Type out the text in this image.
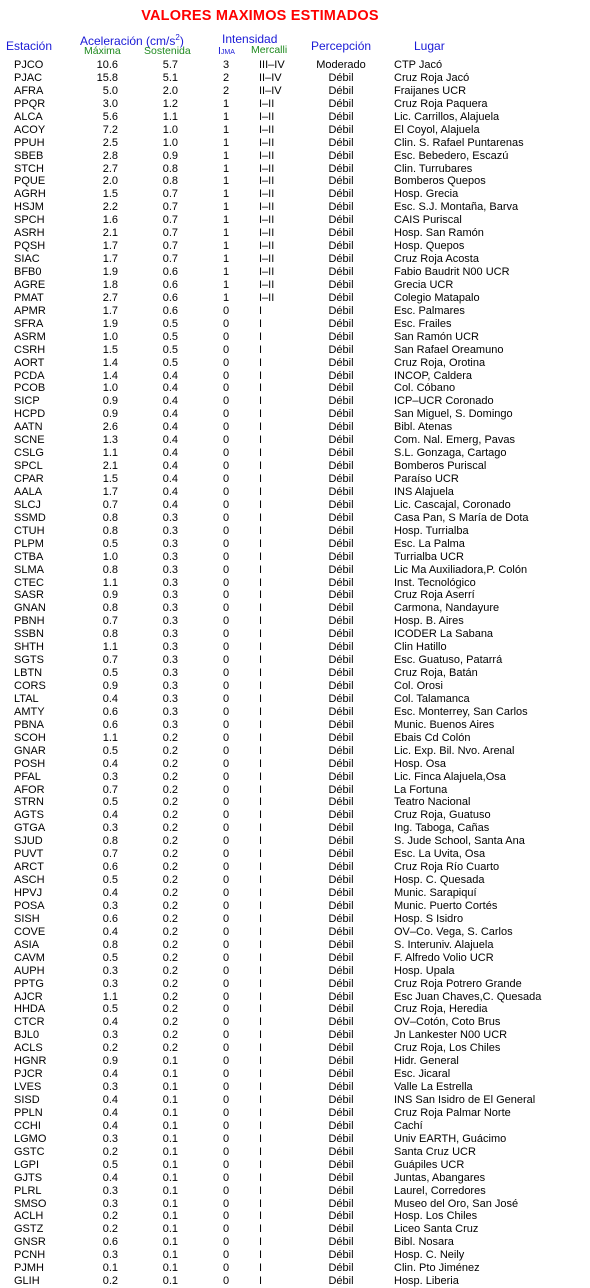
VALORES MAXIMOS ESTIMADOS
Estación Aceleración $(cm/s^2)$
Máxima Sostenida
Intensidad
IJMA Mercalli Percepción	Lugar
PJCO	10.6	5.7	3	III–IV	Moderado	CTP Jacó
PJAC	15.8	5.1	2	II–IV	Débil	Cruz Roja Jacó
AFRA	5.0	2.0	2	II–IV	Débil	Fraijanes UCR
PPQR	3.0	1.2	1	I–II	Débil	Cruz Roja Paquera
ALCA	5.6	1.1	1	I–II	Débil	Lic. Carrillos, Alajuela
ACOY	7.2	1.0	1	I–II	Débil	El Coyol, Alajuela
PPUH	2.5	1.0	1	I–II	Débil	Clin. S. Rafael Puntarenas
SBEB	2.8	0.9	1	I–II	Débil	Esc. Bebedero, Escazú
STCH	2.7	0.8	1	I–II	Débil	Clin. Turrubares
PQUE	2.0	0.8	1	I–II	Débil	Bomberos Quepos
AGRH	1.5	0.7	1	I–II	Débil	Hosp. Grecia
HSJM	2.2	0.7	1	I–II	Débil	Esc. S.J. Montaña, Barva
SPCH	1.6	0.7	1	I–II	Débil	CAIS Puriscal
ASRH	2.1	0.7	1	I–II	Débil	Hosp. San Ramón
PQSH	1.7	0.7	1	I–II	Débil	Hosp. Quepos
SIAC	1.7	0.7	1	I–II	Débil	Cruz Roja Acosta
BFB0	1.9	0.6	1	I–II	Débil	Fabio Baudrit N00 UCR
AGRE	1.8	0.6	1	I–II	Débil	Grecia UCR
PMAT	2.7	0.6	1	I–II	Débil	Colegio Matapalo
APMR	1.7	0.6	0	I	Débil	Esc. Palmares
SFRA	1.9	0.5	0	I	Débil	Esc. Frailes
ASRM	1.0	0.5	0	I	Débil	San Ramón UCR
CSRH	1.5	0.5	0	I	Débil	San Rafael Oreamuno
AORT	1.4	0.5	0	I	Débil	Cruz Roja, Orotina
PCDA	1.4	0.4	0	I	Débil	INCOP, Caldera
PCOB	1.0	0.4	0	I	Débil	Col. Cóbano
SICP	0.9	0.4	0	I	Débil	ICP–UCR Coronado
HCPD	0.9	0.4	0	I	Débil	San Miguel, S. Domingo
AATN	2.6	0.4	0	I	Débil	Bibl. Atenas
SCNE	1.3	0.4	0	I	Débil	Com. Nal. Emerg, Pavas
CSLG	1.1	0.4	0	I	Débil	S.L. Gonzaga, Cartago
SPCL	2.1	0.4	0	I	Débil	Bomberos Puriscal
CPAR	1.5	0.4	0	I	Débil	Paraíso UCR
AALA	1.7	0.4	0	I	Débil	INS Alajuela
SLCJ	0.7	0.4	0	I	Débil	Lic. Cascajal, Coronado
SSMD	0.8	0.3	0	I	Débil	Casa Pan, S María de Dota
CTUH	0.8	0.3	0	I	Débil	Hosp. Turrialba
PLPM	0.5	0.3	0	I	Débil	Esc. La Palma
CTBA	1.0	0.3	0	I	Débil	Turrialba UCR
SLMA	0.8	0.3	0	I	Débil	Lic Ma Auxiliadora,P. Colón
CTEC	1.1	0.3	0	I	Débil	Inst. Tecnológico
SASR	0.9	0.3	0	I	Débil	Cruz Roja Aserrí
GNAN	0.8	0.3	0	I	Débil	Carmona, Nandayure
PBNH	0.7	0.3	0	I	Débil	Hosp. B. Aires
SSBN	0.8	0.3	0	I	Débil	ICODER La Sabana
SHTH	1.1	0.3	0	I	Débil	Clin Hatillo
SGTS	0.7	0.3	0	I	Débil	Esc. Guatuso, Patarrá
LBTN	0.5	0.3	0	I	Débil	Cruz Roja, Batán
CORS	0.9	0.3	0	I	Débil	Col. Orosi
LTAL	0.4	0.3	0	I	Débil	Col. Talamanca
AMTY	0.6	0.3	0	I	Débil	Esc. Monterrey, San Carlos
PBNA	0.6	0.3	0	I	Débil	Munic. Buenos Aires
SCOH	1.1	0.2	0	I	Débil	Ebais Cd Colón
GNAR	0.5	0.2	0	I	Débil	Lic. Exp. Bil. Nvo. Arenal
POSH	0.4	0.2	0	I	Débil	Hosp. Osa
PFAL	0.3	0.2	0	I	Débil	Lic. Finca Alajuela,Osa
AFOR	0.7	0.2	0	I	Débil	La Fortuna
STRN	0.5	0.2	0	I	Débil	Teatro Nacional
AGTS	0.4	0.2	0	I	Débil	Cruz Roja, Guatuso
GTGA	0.3	0.2	0	I	Débil	Ing. Taboga, Cañas
SJUD	0.8	0.2	0	I	Débil	S. Jude School, Santa Ana
PUVT	0.7	0.2	0	I	Débil	Esc. La Uvita, Osa
ARCT	0.6	0.2	0	I	Débil	Cruz Roja Río Cuarto
ASCH	0.5	0.2	0	I	Débil	Hosp. C. Quesada
HPVJ	0.4	0.2	0	I	Débil	Munic. Sarapiquí
POSA	0.3	0.2	0	I	Débil	Munic. Puerto Cortés
SISH	0.6	0.2	0	I	Débil	Hosp. S Isidro
COVE	0.4	0.2	0	I	Débil	OV–Co. Vega, S. Carlos
ASIA	0.8	0.2	0	I	Débil	S. Interuniv. Alajuela
CAVM	0.5	0.2	0	I	Débil	F. Alfredo Volio UCR
AUPH	0.3	0.2	0	I	Débil	Hosp. Upala
PPTG	0.3	0.2	0	I	Débil	Cruz Roja Potrero Grande
AJCR	1.1	0.2	0	I	Débil	Esc Juan Chaves,C. Quesada
HHDA	0.5	0.2	0	I	Débil	Cruz Roja, Heredia
CTCR	0.4	0.2	0	I	Débil	OV–Cotón, Coto Brus
BJL0	0.3	0.2	0	I	Débil	Jn Lankester N00 UCR
ACLS	0.2	0.2	0	I	Débil	Cruz Roja, Los Chiles
HGNR	0.9	0.1	0	I	Débil	Hidr. General
PJCR	0.4	0.1	0	I	Débil	Esc. Jicaral
LVES	0.3	0.1	0	I	Débil	Valle La Estrella
SISD	0.4	0.1	0	I	Débil	INS San Isidro de El General
PPLN	0.4	0.1	0	I	Débil	Cruz Roja Palmar Norte
CCHI	0.4	0.1	0	I	Débil	Cachí
LGMO	0.3	0.1	0	I	Débil	Univ EARTH, Guácimo
GSTC	0.2	0.1	0	I	Débil	Santa Cruz UCR
LGPI	0.5	0.1	0	I	Débil	Guápiles UCR
GJTS	0.4	0.1	0	I	Débil	Juntas, Abangares
PLRL	0.3	0.1	0	I	Débil	Laurel, Corredores
SMSO	0.3	0.1	0	I	Débil	Museo del Oro, San José
ACLH	0.2	0.1	0	I	Débil	Hosp. Los Chiles
GSTZ	0.2	0.1	0	I	Débil	Liceo Santa Cruz
GNSR	0.6	0.1	0	I	Débil	Bibl. Nosara
PCNH	0.3	0.1	0	I	Débil	Hosp. C. Neily
PJMH	0.1	0.1	0	I	Débil	Clin. Pto Jiménez
GLIH	0.2	0.1	0	I	Débil	Hosp. Liberia
